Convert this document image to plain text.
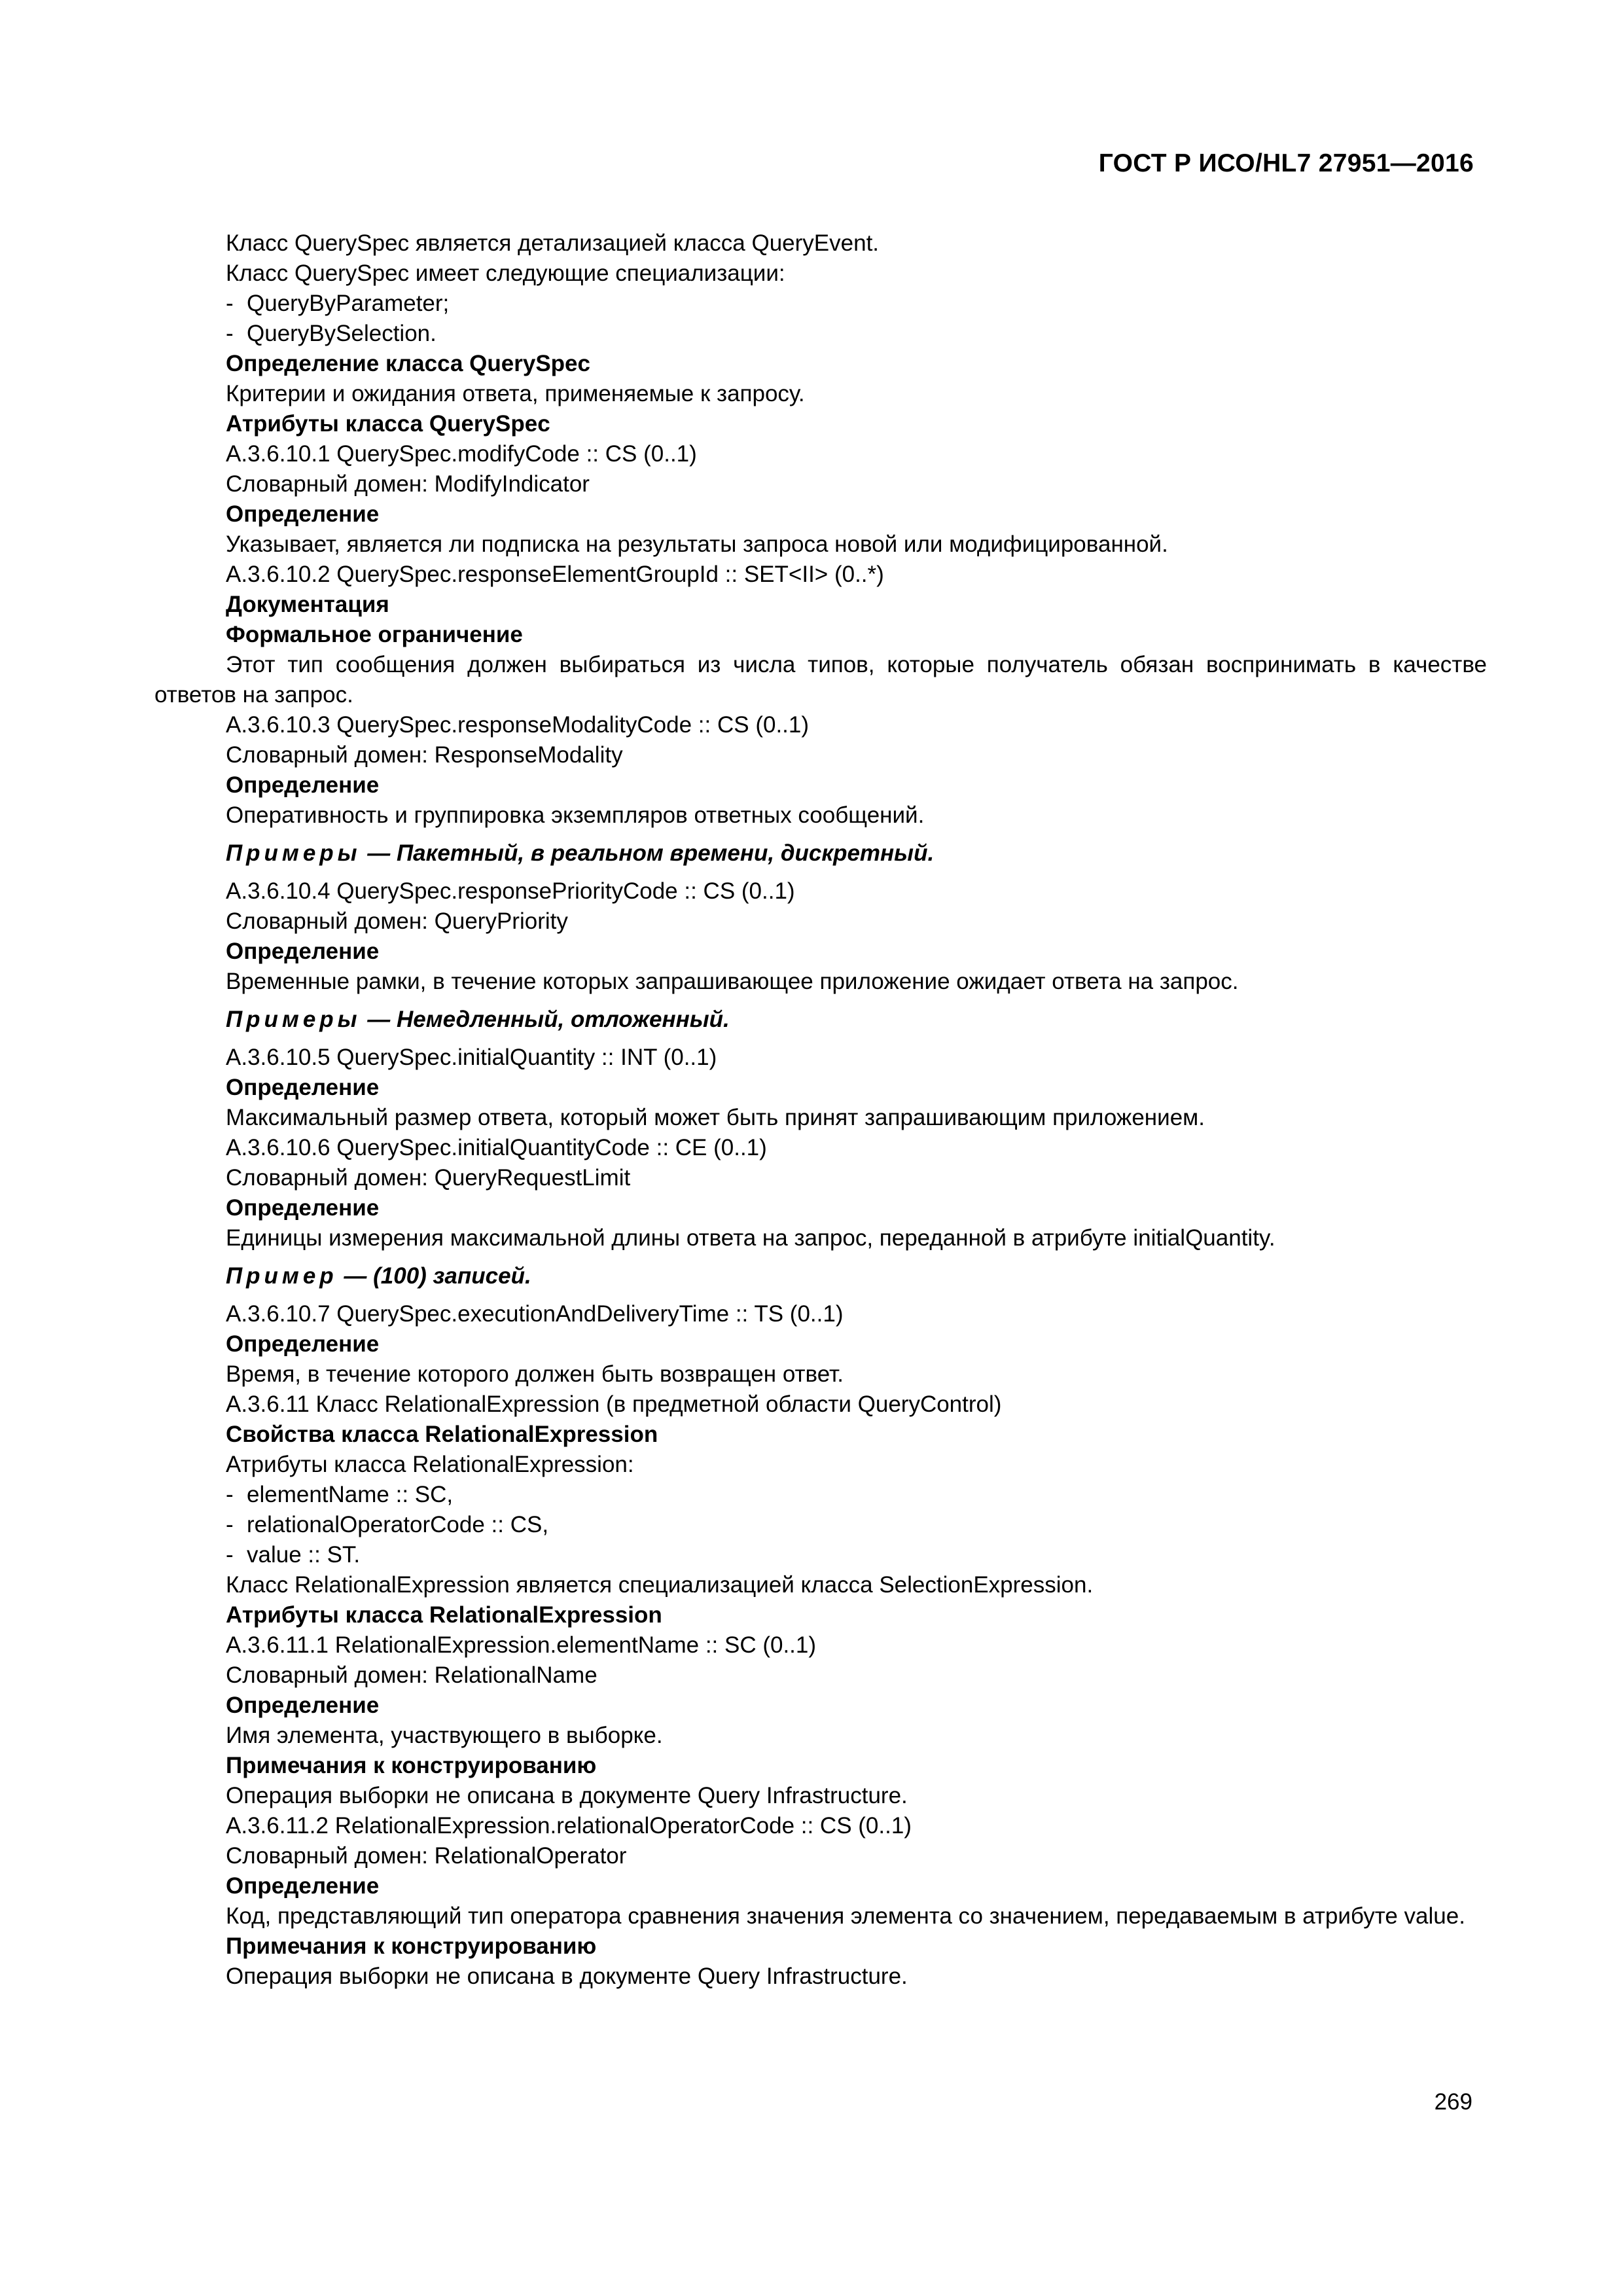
ГОСТ Р ИСО/HL7 27951—2016
Класс QuerySpec является детализацией класса QueryEvent.
Класс QuerySpec имеет следующие специализации:
- QueryByParameter;
- QueryBySelection.
Определение класса QuerySpec
Критерии и ожидания ответа, применяемые к запросу.
Атрибуты класса QuerySpec
A.3.6.10.1 QuerySpec.modifyCode :: CS (0..1)
Словарный домен: ModifyIndicator
Определение
Указывает, является ли подписка на результаты запроса новой или модифицированной.
A.3.6.10.2 QuerySpec.responseElementGroupId :: SET<II> (0..*)
Документация
Формальное ограничение
Этот тип сообщения должен выбираться из числа типов, которые получатель обязан воспринимать в качестве ответов на запрос.
A.3.6.10.3 QuerySpec.responseModalityCode :: CS (0..1)
Словарный домен: ResponseModality
Определение
Оперативность и группировка экземпляров ответных сообщений.
Примеры — Пакетный, в реальном времени, дискретный.
A.3.6.10.4 QuerySpec.responsePriorityCode :: CS (0..1)
Словарный домен: QueryPriority
Определение
Временные рамки, в течение которых запрашивающее приложение ожидает ответа на запрос.
Примеры — Немедленный, отложенный.
A.3.6.10.5 QuerySpec.initialQuantity :: INT (0..1)
Определение
Максимальный размер ответа, который может быть принят запрашивающим приложением.
A.3.6.10.6 QuerySpec.initialQuantityCode :: CE (0..1)
Словарный домен: QueryRequestLimit
Определение
Единицы измерения максимальной длины ответа на запрос, переданной в атрибуте initialQuantity.
Пример — (100) записей.
A.3.6.10.7 QuerySpec.executionAndDeliveryTime :: TS (0..1)
Определение
Время, в течение которого должен быть возвращен ответ.
A.3.6.11 Класс RelationalExpression (в предметной области QueryControl)
Свойства класса RelationalExpression
Атрибуты класса RelationalExpression:
- elementName :: SC,
- relationalOperatorCode :: CS,
- value :: ST.
Класс RelationalExpression является специализацией класса SelectionExpression.
Атрибуты класса RelationalExpression
A.3.6.11.1 RelationalExpression.elementName :: SC (0..1)
Словарный домен: RelationalName
Определение
Имя элемента, участвующего в выборке.
Примечания к конструированию
Операция выборки не описана в документе Query Infrastructure.
A.3.6.11.2 RelationalExpression.relationalOperatorCode :: CS (0..1)
Словарный домен: RelationalOperator
Определение
Код, представляющий тип оператора сравнения значения элемента со значением, передаваемым в атрибуте value.
Примечания к конструированию
Операция выборки не описана в документе Query Infrastructure.
269
